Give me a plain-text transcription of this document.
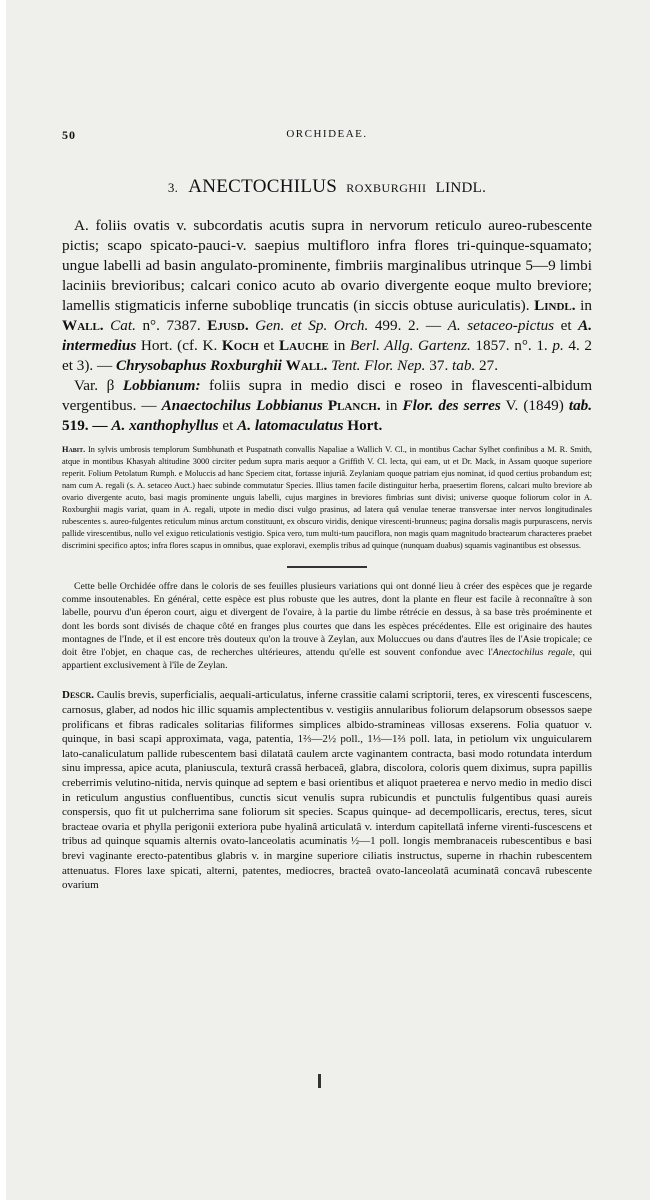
50	ORCHIDEAE.
3. ANECTOCHILUS ROXBURGHII LINDL.

A. foliis ovatis v. subcordatis acutis supra in nervorum reticulo aureo-rubescente pictis; scapo spicato-pauci-v. saepius multifloro infra flores tri-quinque-squamato; ungue labelli ad basin angulato-prominente, fimbriis marginalibus utrinque 5—9 limbi laciniis brevioribus; calcari conico acuto ab ovario divergente eoque multo breviore; lamellis stigmaticis inferne subobliqe truncatis (in siccis obtuse auriculatis). Lindl. in Wall. Cat. n°. 7387. Ejusd. Gen. et Sp. Orch. 499. 2. — A. setaceo-pictus et A. intermedius Hort. (cf. K. Koch et Lauche in Berl. Allg. Gartenz. 1857. n°. 1. p. 4. 2 et 3). — Chrysobaphus Roxburghii Wall. Tent. Flor. Nep. 37. tab. 27.

Var. β Lobbianum: foliis supra in medio disci e roseo in flavescenti-albidum vergentibus. — Anaectochilus Lobbianus Planch. in Flor. des serres V. (1849) tab. 519. — A. xanthophyllus et A. latomaculatus Hort.

Habit. In sylvis umbrosis templorum Sumbhunath et Puspatnath convallis Napaliae a Wallich V. Cl., in montibus Cachar Sylhet confinibus a M. R. Smith, atque in montibus Khasyah altitudine 3000 circiter pedum supra maris aequor a Griffith V. Cl. lecta, qui eam, ut et Dr. Mack, in Assam quoque superiore reperit. Folium Petolatum Rumph. e Moluccis ad hanc Speciem citat, fortasse injuriâ. Zeylaniam quoque patriam ejus nominat, id quod certius probandum est; nam cum A. regali (s. A. setaceo Auct.) haec subinde commutatur Species. Illius tamen facile distinguitur herba, praesertim florens, calcari multo breviore ab ovario divergente acuto, basi magis prominente unguis labelli, cujus margines in breviores fimbrias sunt divisi; universe quoque foliorum color in A. Roxburghii magis variat, quam in A. regali, utpote in medio disci vulgo prasinus, ad latera quâ venulae tenerae transversae inter nervos longitudinales rubescentes s. aureo-fulgentes reticulum minus arctum constituunt, ex obscuro viridis, denique virescenti-brunneus; pagina dorsalis magis purpurascens, nervis pallide virescentibus, nullo vel exiguo reticulationis vestigio. Spica vero, tum multi-tum pauciflora, non magis quam magnitudo bractearum characteres praebet discrimini specifico aptos; infra flores scapus in omnibus, quae exploravi, exemplis tribus ad quinque (nunquam duabus) squamis vaginantibus est obsessus.

Cette belle Orchidée offre dans le coloris de ses feuilles plusieurs variations qui ont donné lieu à créer des espèces que je regarde comme insoutenables. En général, cette espèce est plus robuste que les autres, dont la plante en fleur est facile à reconnaître à son labelle, pourvu d'un éperon court, aigu et divergent de l'ovaire, à la partie du limbe rétrécie en dessus, à sa base très proéminente et dont les bords sont divisés de chaque côté en franges plus courtes que dans les espèces précédentes. Elle est originaire des hautes montagnes de l'Inde, et il est encore très douteux qu'on la trouve à Zeylan, aux Moluccues ou dans d'autres îles de l'Asie tropicale; ce doit être l'objet, en chaque cas, de recherches ultérieures, attendu qu'elle est souvent confondue avec l'Anectochilus regale, qui appartient exclusivement à l'île de Zeylan.

Descr. Caulis brevis, superficialis, aequali-articulatus, inferne crassitie calami scriptorii, teres, ex virescenti fuscescens, carnosus, glaber, ad nodos hic illic squamis amplectentibus v. vestigiis annularibus foliorum delapsorum obsessos saepe prolificans et fibras radicales solitarias filiformes simplices albido-stramineas villosas exserens. Folia quatuor v. quinque, in basi scapi approximata, vaga, patentia, 1⅔—2½ poll., 1⅓—1⅔ poll. lata, in petiolum vix unguicularem lato-canaliculatum pallide rubescentem basi dilatatâ caulem arcte vaginantem contracta, basi modo rotundata interdum sinu impressa, apice acuta, planiuscula, texturâ crassâ herbaceâ, glabra, discolora, coloris quem diximus, supra papillis creberrimis velutino-nitida, nervis quinque ad septem e basi orientibus et aliquot praeterea e nervo medio in medio disci in reticulum angustius confluentibus, cunctis sicut venulis supra rubicundis et punctulis fulgentibus quasi aureis conspersis, quo fit ut pulcherrima sane foliorum sit species. Scapus quinque- ad decempollicaris, erectus, teres, sicut bracteae ovaria et phylla perigonii exteriora pube hyalinâ articulatâ v. interdum capitellatâ inferne virenti-fuscescens et tribus ad quinque squamis alternis ovato-lanceolatis acuminatis ½—1 poll. longis membranaceis rubescentibus e basi brevi vaginante erecto-patentibus glabris v. in margine superiore ciliatis instructus, superne in rhachin rubescentem attenuatus. Flores laxe spicati, alterni, patentes, mediocres, bracteâ ovato-lanceolatâ acuminatâ concavâ rubescente ovarium
